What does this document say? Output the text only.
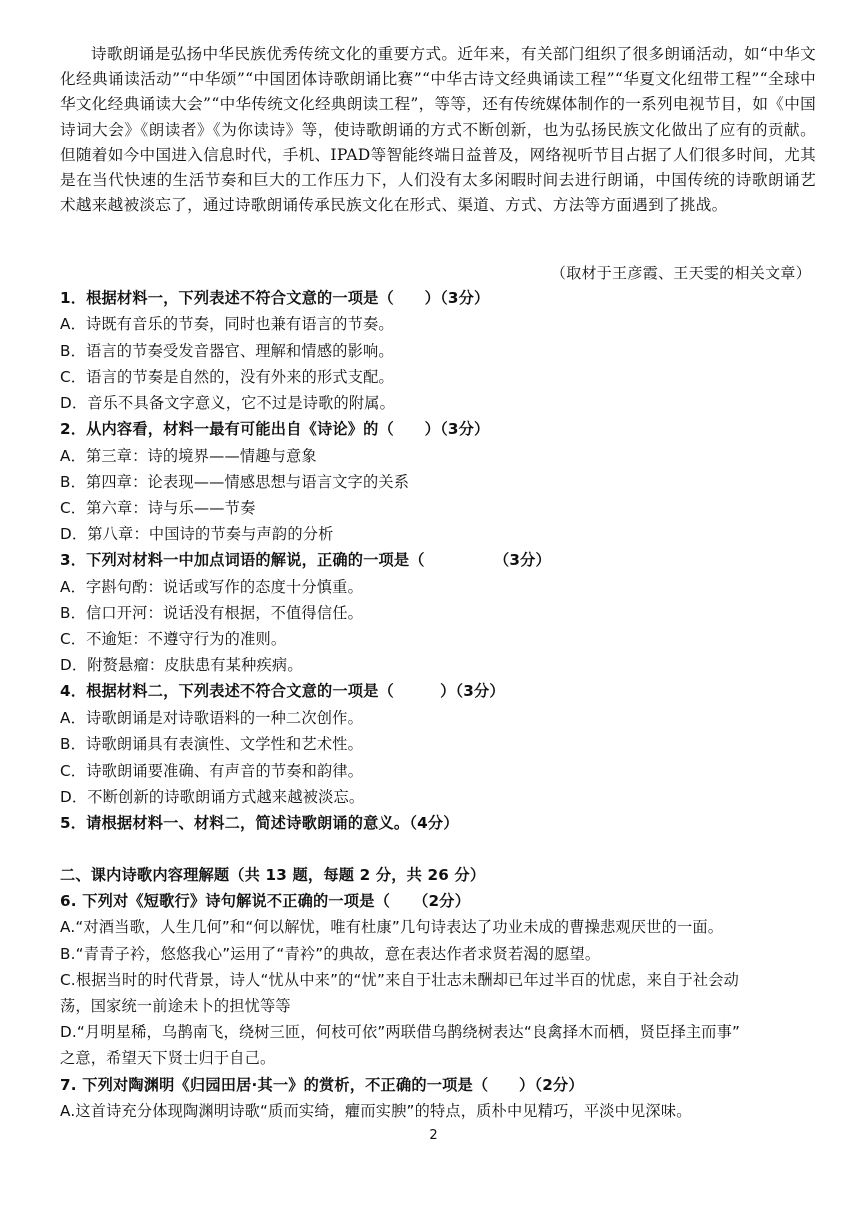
诗歌朗诵是弘扬中华民族优秀传统文化的重要方式。近年来，有关部门组织了很多朗诵活动，如“中华文化经典诵读活动”“中华颂”“中国团体诗歌朗诵比赛”“中华古诗文经典诵读工程”“华夏文化纽带工程”“全球中华文化经典诵读大会”“中华传统文化经典朗读工程”，等等，还有传统媒体制作的一系列电视节目，如《中国诗词大会》《朗读者》《为你读诗》等，使诗歌朗诵的方式不断创新，也为弘扬民族文化做出了应有的贡献。但随着如今中国进入信息时代，手机、IPAD等智能终端日益普及，网络视听节目占据了人们很多时间，尤其是在当代快速的生活节奏和巨大的工作压力下，人们没有太多闲暇时间去进行朗诵，中国传统的诗歌朗诵艺术越来越被淡忘了，通过诗歌朗诵传承民族文化在形式、渠道、方式、方法等方面遇到了挑战。

（取材于王彦霞、王天雯的相关文章）
1．根据材料一，下列表述不符合文意的一项是（　　）（3分）
A．诗既有音乐的节奏，同时也兼有语言的节奏。
B．语言的节奏受发音器官、理解和情感的影响。
C．语言的节奏是自然的，没有外来的形式支配。
D．音乐不具备文字意义，它不过是诗歌的附属。
2．从内容看，材料一最有可能出自《诗论》的（　　）（3分）
A．第三章：诗的境界——情趣与意象
B．第四章：论表现——情感思想与语言文字的关系
C．第六章：诗与乐——节奏
D．第八章：中国诗的节奏与声韵的分析
3．下列对材料一中加点词语的解说，正确的一项是（　　　　　（3分）
A．字斟句酌：说话或写作的态度十分慎重。
B．信口开河：说话没有根据，不值得信任。
C．不逾矩：不遵守行为的准则。
D．附赘悬瘤：皮肤患有某种疾病。
4．根据材料二，下列表述不符合文意的一项是（　　　）（3分）
A．诗歌朗诵是对诗歌语料的一种二次创作。
B．诗歌朗诵具有表演性、文学性和艺术性。
C．诗歌朗诵要准确、有声音的节奏和韵律。
D．不断创新的诗歌朗诵方式越来越被淡忘。
5．请根据材料一、材料二，简述诗歌朗诵的意义。（4分）
二、课内诗歌内容理解题（共 13 题，每题 2 分，共 26 分）
6. 下列对《短歌行》诗句解说不正确的一项是（　　（2分）
A.“对酒当歌，人生几何”和“何以解忧，唯有杜康”几句诗表达了功业未成的曹操悲观厌世的一面。
B.“青青子衿，悠悠我心”运用了“青衿”的典故，意在表达作者求贤若渴的愿望。
C.根据当时的时代背景，诗人“忧从中来”的“忧”来自于壮志未酬却已年过半百的忧虑，来自于社会动
荡，国家统一前途未卜的担忧等等
D.“月明星稀，乌鹊南飞，绕树三匝，何枝可依”两联借乌鹊绕树表达“良禽择木而栖，贤臣择主而事”
之意，希望天下贤士归于自己。
7. 下列对陶渊明《归园田居·其一》的赏析，不正确的一项是（　　）（2分）
A.这首诗充分体现陶渊明诗歌“质而实绮，癯而实腴”的特点，质朴中见精巧，平淡中见深味。
2
